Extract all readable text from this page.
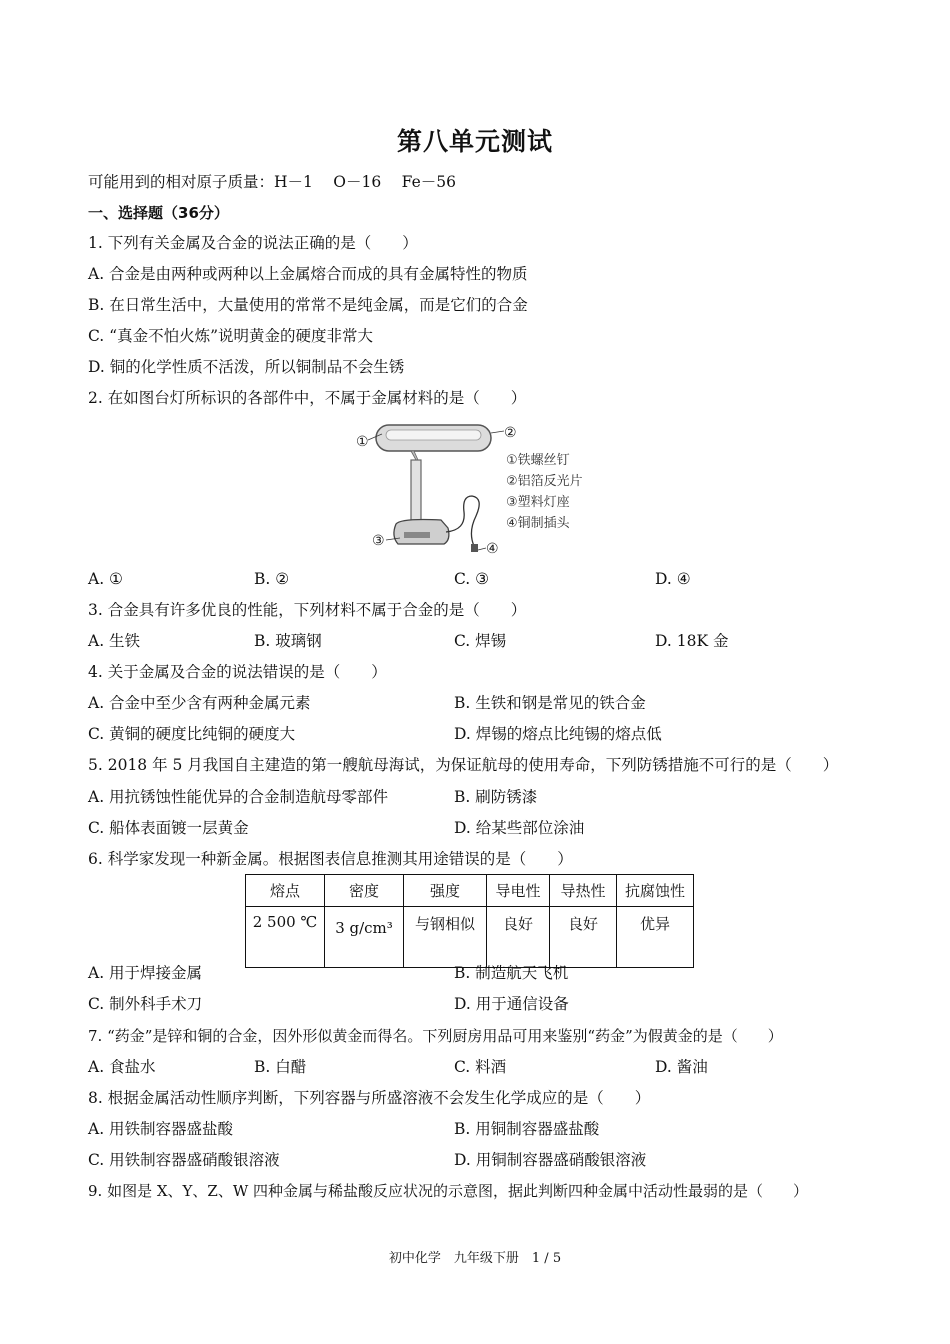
第八单元测试
可能用到的相对原子质量：H－1　 O－16　 Fe－56
一、选择题（36分）
1. 下列有关金属及合金的说法正确的是（　　）
A. 合金是由两种或两种以上金属熔合而成的具有金属特性的物质
B. 在日常生活中，大量使用的常常不是纯金属，而是它们的合金
C. “真金不怕火炼”说明黄金的硬度非常大
D. 铜的化学性质不活泼，所以铜制品不会生锈
2. 在如图台灯所标识的各部件中，不属于金属材料的是（　　）
①
②
③	④
①铁螺丝钉
②铝箔反光片
③塑料灯座
④铜制插头
A. ①	B. ②	C. ③	D. ④
3. 合金具有许多优良的性能，下列材料不属于合金的是（　　）
A. 生铁	B. 玻璃钢	C. 焊锡	D. 18K 金
4. 关于金属及合金的说法错误的是（　　）
A. 合金中至少含有两种金属元素	B. 生铁和钢是常见的铁合金
C. 黄铜的硬度比纯铜的硬度大	D. 焊锡的熔点比纯锡的熔点低
5. 2018 年 5 月我国自主建造的第一艘航母海试，为保证航母的使用寿命，下列防锈措施不可行的是（　　）
A. 用抗锈蚀性能优异的合金制造航母零部件	B. 刷防锈漆
C. 船体表面镀一层黄金	D. 给某些部位涂油
6. 科学家发现一种新金属。根据图表信息推测其用途错误的是（　　）
熔点	密度	强度	导电性	导热性	抗腐蚀性
2 500 ℃	3 g/cm³	与钢相似	良好	良好	优异
A. 用于焊接金属	B. 制造航天飞机
C. 制外科手术刀	D. 用于通信设备
7. “药金”是锌和铜的合金，因外形似黄金而得名。下列厨房用品可用来鉴别“药金”为假黄金的是（　　）
A. 食盐水	B. 白醋	C. 料酒	D. 酱油
8. 根据金属活动性顺序判断，下列容器与所盛溶液不会发生化学成应的是（　　）
A. 用铁制容器盛盐酸	B. 用铜制容器盛盐酸
C. 用铁制容器盛硝酸银溶液	D. 用铜制容器盛硝酸银溶液
9. 如图是 X、Y、Z、W 四种金属与稀盐酸反应状况的示意图，据此判断四种金属中活动性最弱的是（　　）
初中化学　九年级下册　1 / 5
